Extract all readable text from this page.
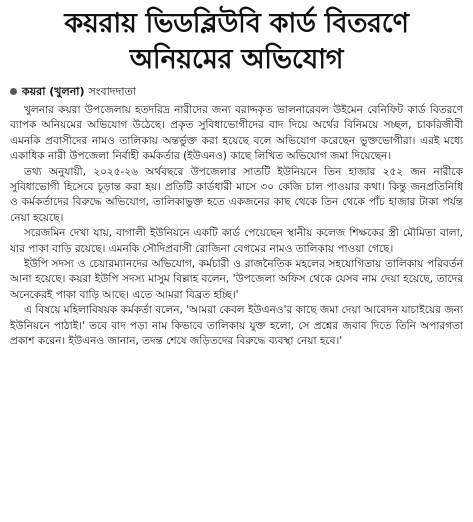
কয়রায় ভিডব্লিউবি কার্ড বিতরণে
অনিয়মের অভিযোগ
কয়রা (খুলনা) সংবাদদাতা

খুলনার কয়রা উপজেলায় হতদরিদ্র নারীদের জন্য বরাদ্দকৃত ভালনারেবল উইমেন বেনিফিট কার্ড বিতরণে ব্যাপক অনিয়মের অভিযোগ উঠেছে। প্রকৃত সুবিধাভোগীদের বাদ দিয়ে অর্থের বিনিময়ে সচ্ছল, চাকরিজীবী এমনকি প্রবাসীদের নামও তালিকায় অন্তর্ভুক্ত করা হয়েছে বলে অভিযোগ করেছেন ভুক্তভোগীরা। এরই মধ্যে একাধিক নারী উপজেলা নির্বাহী কর্মকর্তার (ইউএনও) কাছে লিখিত অভিযোগ জমা দিয়েছেন।

তথ্য অনুযায়ী, ২০২৫-২৬ অর্থবছরে উপজেলার সাতটি ইউনিয়নে তিন হাজার ২৫২ জন নারীকে সুবিধাভোগী হিসেবে চূড়ান্ত করা হয়। প্রতিটি কার্ডধারী মাসে ৩০ কেজি চাল পাওয়ার কথা। কিন্তু জনপ্রতিনিধি ও কর্মকর্তাদের বিরুদ্ধে অভিযোগ, তালিকাভুক্ত হতে একজনের কাছ থেকে তিন থেকে পাঁচ হাজার টাকা পর্যন্ত নেয়া হয়েছে।

সরেজমিন দেখা যায়, বাগালী ইউনিয়নে একটি কার্ড পেয়েছেন স্থানীয় কলেজ শিক্ষকের স্ত্রী মৌমিতা বালা, যার পাকা বাড়ি রয়েছে। এমনকি সৌদিপ্রবাসী রোজিনা বেগমের নামও তালিকায় পাওয়া গেছে।

ইউপি সদস্য ও চেয়ারম্যানদের অভিযোগ, কর্মচারী ও রাজনৈতিক মহলের সহযোগিতায় তালিকায় পরিবর্তন আনা হয়েছে। কয়রা ইউপি সদস্য মাসুম বিল্লাহ বলেন, 'উপজেলা অফিস থেকে যেসব নাম দেয়া হয়েছে, তাদের অনেকেরই পাকা বাড়ি আছে। এতে আমরা বিব্রত হচ্ছি।'

এ বিষয়ে মহিলাবিষয়ক কর্মকর্তা বলেন, 'আমরা কেবল ইউএনও'র কাছে জমা দেয়া আবেদন যাচাইয়ের জন্য ইউনিয়নে পাঠাই।' তবে বাদ পড়া নাম কিভাবে তালিকায় যুক্ত হলো, সে প্রশ্নের জবাব দিতে তিনি অপারগতা প্রকাশ করেন। ইউএনও জানান, তদন্ত শেষে জড়িতদের বিরুদ্ধে ব্যবস্থা নেয়া হবে।'
